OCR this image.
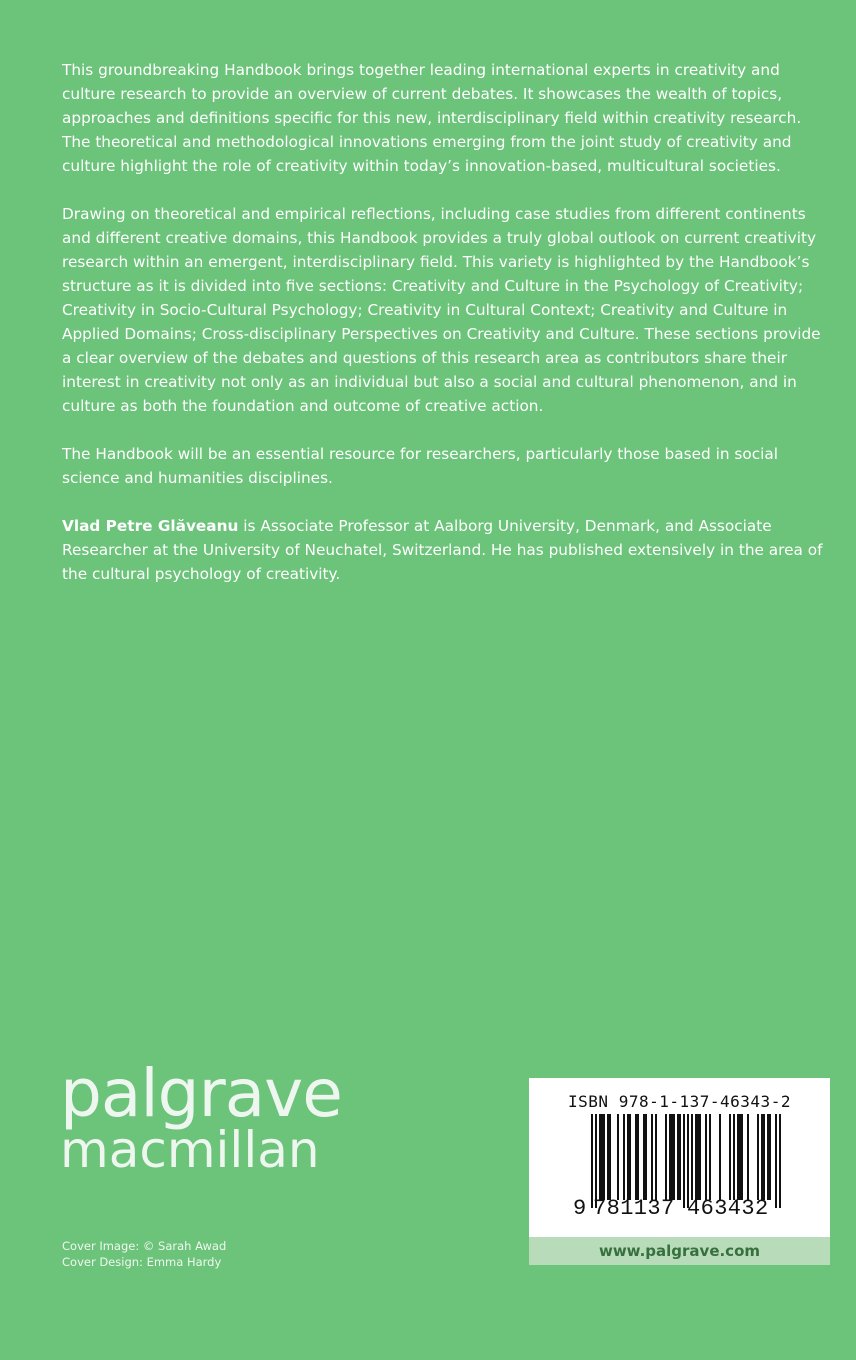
This groundbreaking Handbook brings together leading international experts in creativity and culture research to provide an overview of current debates. It showcases the wealth of topics, approaches and definitions specific for this new, interdisciplinary field within creativity research. The theoretical and methodological innovations emerging from the joint study of creativity and culture highlight the role of creativity within today’s innovation-based, multicultural societies.

Drawing on theoretical and empirical reflections, including case studies from different continents and different creative domains, this Handbook provides a truly global outlook on current creativity research within an emergent, interdisciplinary field. This variety is highlighted by the Handbook’s structure as it is divided into five sections: Creativity and Culture in the Psychology of Creativity; Creativity in Socio-Cultural Psychology; Creativity in Cultural Context; Creativity and Culture in Applied Domains; Cross-disciplinary Perspectives on Creativity and Culture. These sections provide a clear overview of the debates and questions of this research area as contributors share their interest in creativity not only as an individual but also a social and cultural phenomenon, and in culture as both the foundation and outcome of creative action.

The Handbook will be an essential resource for researchers, particularly those based in social science and humanities disciplines.

Vlad Petre Glăveanu is Associate Professor at Aalborg University, Denmark, and Associate Researcher at the University of Neuchatel, Switzerland. He has published extensively in the area of the cultural psychology of creativity.

palgrave
macmillan
Cover Image: © Sarah Awad
Cover Design: Emma Hardy
ISBN 978-1-137-46343-2
9 781137 463432
www.palgrave.com
